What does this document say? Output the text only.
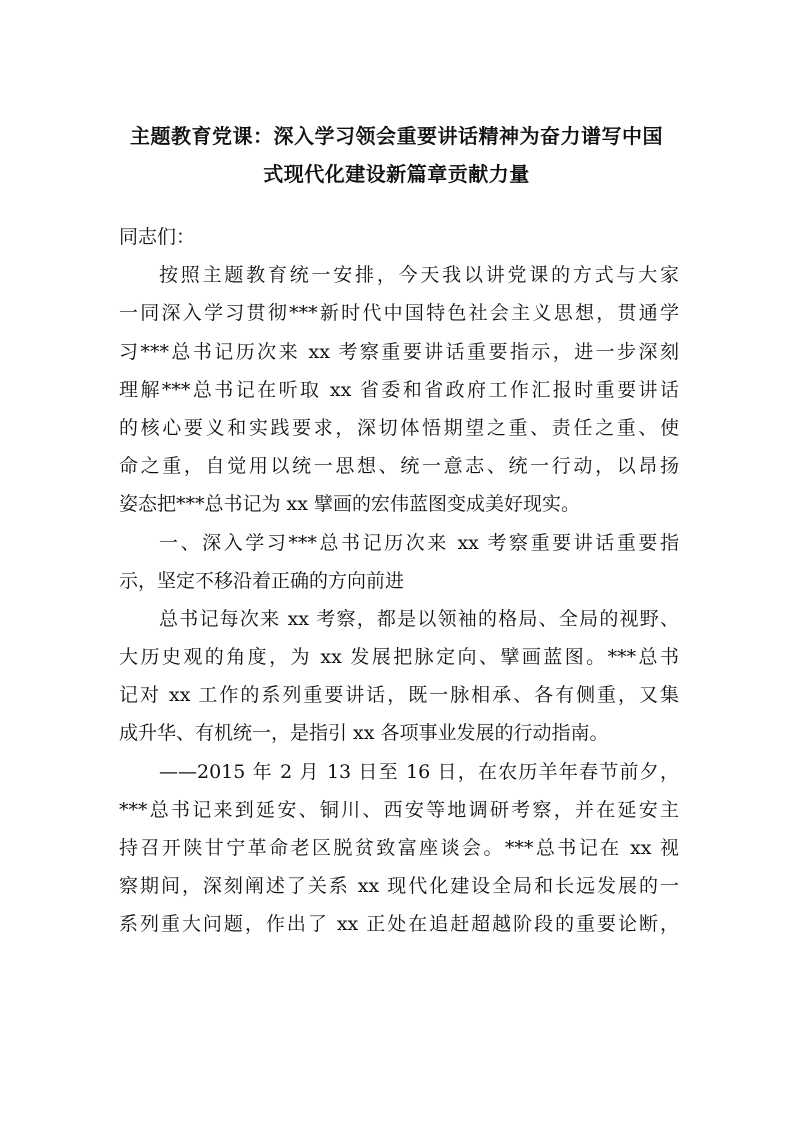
主题教育党课：深入学习领会重要讲话精神为奋力谱写中国
式现代化建设新篇章贡献力量
同志们：
按照主题教育统一安排，今天我以讲党课的方式与大家
一同深入学习贯彻***新时代中国特色社会主义思想，贯通学
习***总书记历次来 xx 考察重要讲话重要指示，进一步深刻
理解***总书记在听取 xx 省委和省政府工作汇报时重要讲话
的核心要义和实践要求，深切体悟期望之重、责任之重、使
命之重，自觉用以统一思想、统一意志、统一行动，以昂扬
姿态把***总书记为 xx 擘画的宏伟蓝图变成美好现实。
一、深入学习***总书记历次来 xx 考察重要讲话重要指
示，坚定不移沿着正确的方向前进
总书记每次来 xx 考察，都是以领袖的格局、全局的视野、
大历史观的角度，为 xx 发展把脉定向、擘画蓝图。***总书
记对 xx 工作的系列重要讲话，既一脉相承、各有侧重，又集
成升华、有机统一，是指引 xx 各项事业发展的行动指南。
——2015 年 2 月 13 日至 16 日，在农历羊年春节前夕，
***总书记来到延安、铜川、西安等地调研考察，并在延安主
持召开陕甘宁革命老区脱贫致富座谈会。***总书记在 xx 视
察期间，深刻阐述了关系 xx 现代化建设全局和长远发展的一
系列重大问题，作出了 xx 正处在追赶超越阶段的重要论断，
